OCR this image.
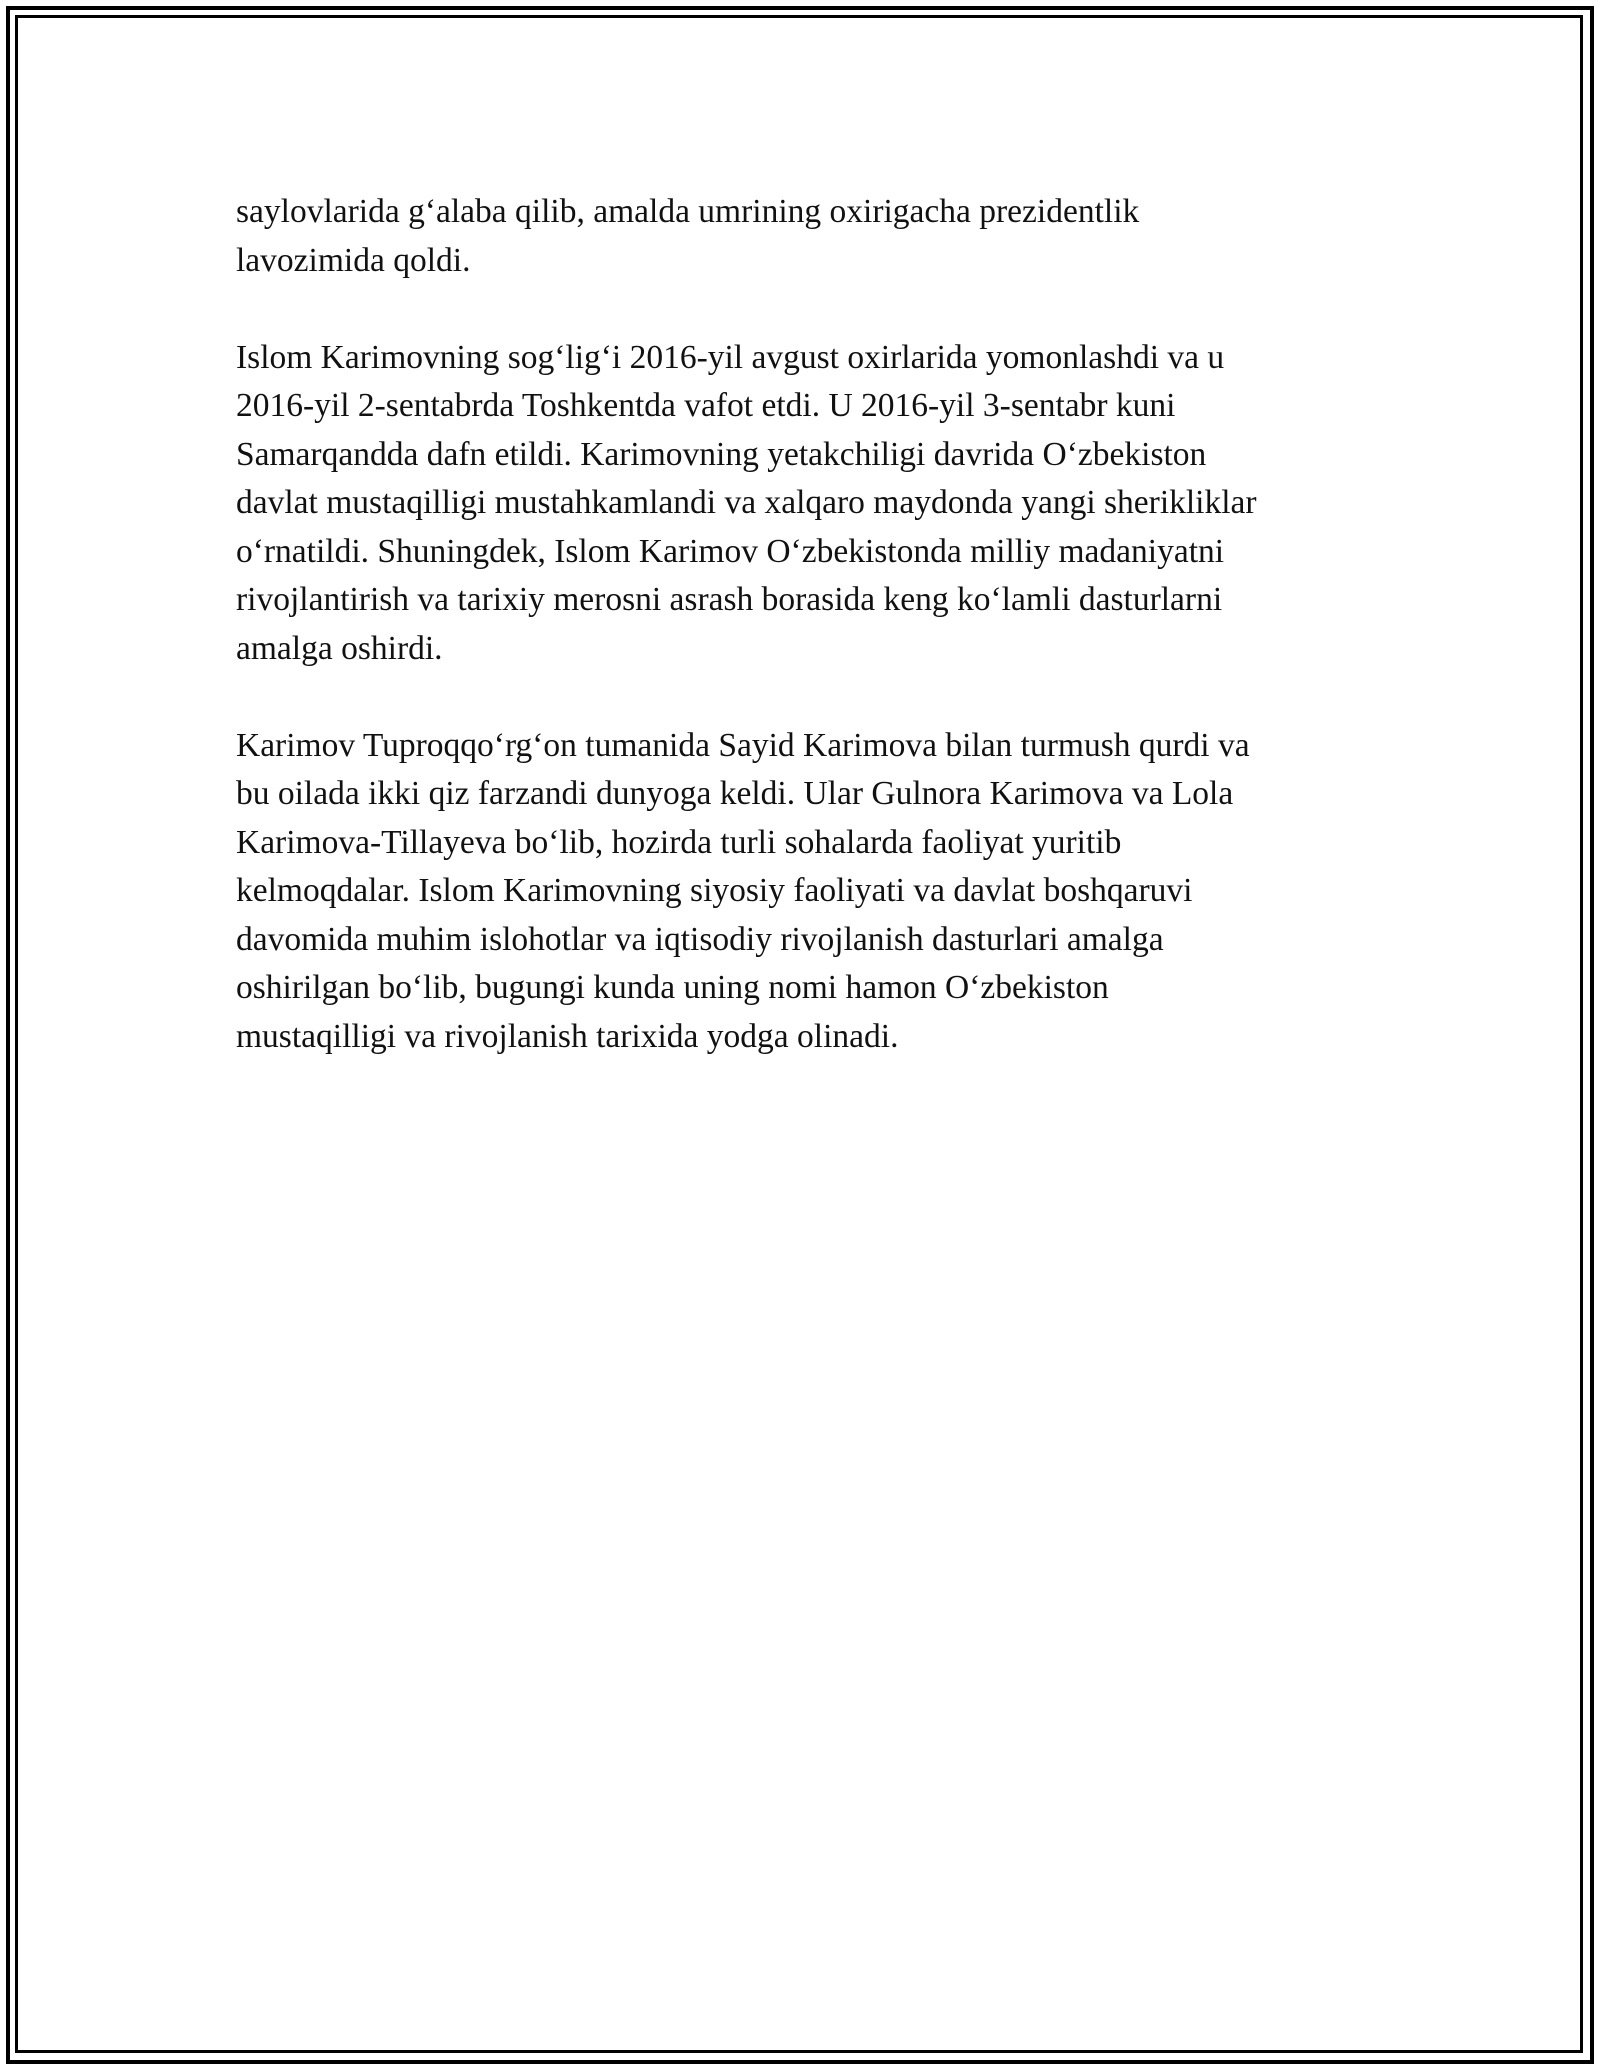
saylovlarida g‘alaba qilib, amalda umrining oxirigacha prezidentlik
lavozimida qoldi.

Islom Karimovning sog‘lig‘i 2016-yil avgust oxirlarida yomonlashdi va u
2016-yil 2-sentabrda Toshkentda vafot etdi. U 2016-yil 3-sentabr kuni
Samarqandda dafn etildi. Karimovning yetakchiligi davrida O‘zbekiston
davlat mustaqilligi mustahkamlandi va xalqaro maydonda yangi sherikliklar
o‘rnatildi. Shuningdek, Islom Karimov O‘zbekistonda milliy madaniyatni
rivojlantirish va tarixiy merosni asrash borasida keng ko‘lamli dasturlarni
amalga oshirdi.

Karimov Tuproqqo‘rg‘on tumanida Sayid Karimova bilan turmush qurdi va
bu oilada ikki qiz farzandi dunyoga keldi. Ular Gulnora Karimova va Lola
Karimova-Tillayeva bo‘lib, hozirda turli sohalarda faoliyat yuritib
kelmoqdalar. Islom Karimovning siyosiy faoliyati va davlat boshqaruvi
davomida muhim islohotlar va iqtisodiy rivojlanish dasturlari amalga
oshirilgan bo‘lib, bugungi kunda uning nomi hamon O‘zbekiston
mustaqilligi va rivojlanish tarixida yodga olinadi.
